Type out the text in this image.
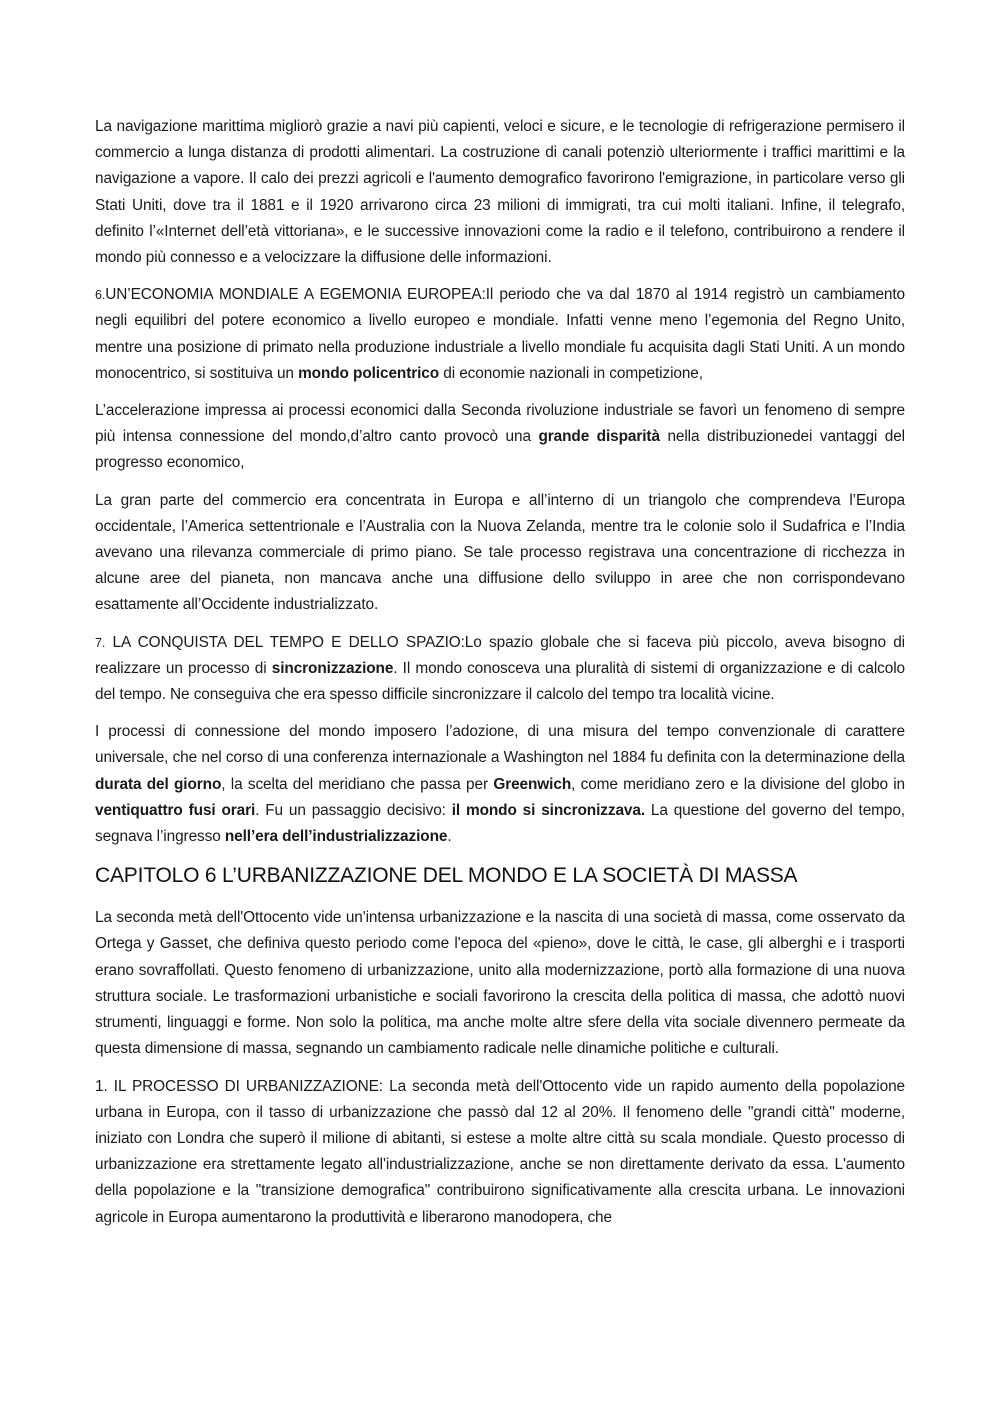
La navigazione marittima migliorò grazie a navi più capienti, veloci e sicure, e le tecnologie di refrigerazione permisero il commercio a lunga distanza di prodotti alimentari. La costruzione di canali potenziò ulteriormente i traffici marittimi e la navigazione a vapore. Il calo dei prezzi agricoli e l'aumento demografico favorirono l'emigrazione, in particolare verso gli Stati Uniti, dove tra il 1881 e il 1920 arrivarono circa 23 milioni di immigrati, tra cui molti italiani. Infine, il telegrafo, definito l’«Internet dell’età vittoriana», e le successive innovazioni come la radio e il telefono, contribuirono a rendere il mondo più connesso e a velocizzare la diffusione delle informazioni.

6.UN’ECONOMIA MONDIALE A EGEMONIA EUROPEA:Il periodo che va dal 1870 al 1914 registrò un cambiamento negli equilibri del potere economico a livello europeo e mondiale. Infatti venne meno l’egemonia del Regno Unito, mentre una posizione di primato nella produzione industriale a livello mondiale fu acquisita dagli Stati Uniti. A un mondo monocentrico, si sostituiva un mondo policentrico di economie nazionali in competizione,

L’accelerazione impressa ai processi economici dalla Seconda rivoluzione industriale se favorì un fenomeno di sempre più intensa connessione del mondo,d’altro canto provocò una grande disparità nella distribuzionedei vantaggi del progresso economico,

La gran parte del commercio era concentrata in Europa e all’interno di un triangolo che comprendeva l’Europa occidentale, l’America settentrionale e l’Australia con la Nuova Zelanda, mentre tra le colonie solo il Sudafrica e l’India avevano una rilevanza commerciale di primo piano. Se tale processo registrava una concentrazione di ricchezza in alcune aree del pianeta, non mancava anche una diffusione dello sviluppo in aree che non corrispondevano esattamente all’Occidente industrializzato.

7. LA CONQUISTA DEL TEMPO E DELLO SPAZIO:Lo spazio globale che si faceva più piccolo, aveva bisogno di realizzare un processo di sincronizzazione. Il mondo conosceva una pluralità di sistemi di organizzazione e di calcolo del tempo. Ne conseguiva che era spesso difficile sincronizzare il calcolo del tempo tra località vicine.

I processi di connessione del mondo imposero l’adozione, di una misura del tempo convenzionale di carattere universale, che nel corso di una conferenza internazionale a Washington nel 1884 fu definita con la determinazione della durata del giorno, la scelta del meridiano che passa per Greenwich, come meridiano zero e la divisione del globo in ventiquattro fusi orari. Fu un passaggio decisivo: il mondo si sincronizzava. La questione del governo del tempo, segnava l’ingresso nell’era dell’industrializzazione.

CAPITOLO 6 L’URBANIZZAZIONE DEL MONDO E LA SOCIETÀ DI MASSA

La seconda metà dell'Ottocento vide un'intensa urbanizzazione e la nascita di una società di massa, come osservato da Ortega y Gasset, che definiva questo periodo come l'epoca del «pieno», dove le città, le case, gli alberghi e i trasporti erano sovraffollati. Questo fenomeno di urbanizzazione, unito alla modernizzazione, portò alla formazione di una nuova struttura sociale. Le trasformazioni urbanistiche e sociali favorirono la crescita della politica di massa, che adottò nuovi strumenti, linguaggi e forme. Non solo la politica, ma anche molte altre sfere della vita sociale divennero permeate da questa dimensione di massa, segnando un cambiamento radicale nelle dinamiche politiche e culturali.

1. IL PROCESSO DI URBANIZZAZIONE: La seconda metà dell'Ottocento vide un rapido aumento della popolazione urbana in Europa, con il tasso di urbanizzazione che passò dal 12 al 20%. Il fenomeno delle "grandi città" moderne, iniziato con Londra che superò il milione di abitanti, si estese a molte altre città su scala mondiale. Questo processo di urbanizzazione era strettamente legato all'industrializzazione, anche se non direttamente derivato da essa. L'aumento della popolazione e la "transizione demografica" contribuirono significativamente alla crescita urbana. Le innovazioni agricole in Europa aumentarono la produttività e liberarono manodopera, che
